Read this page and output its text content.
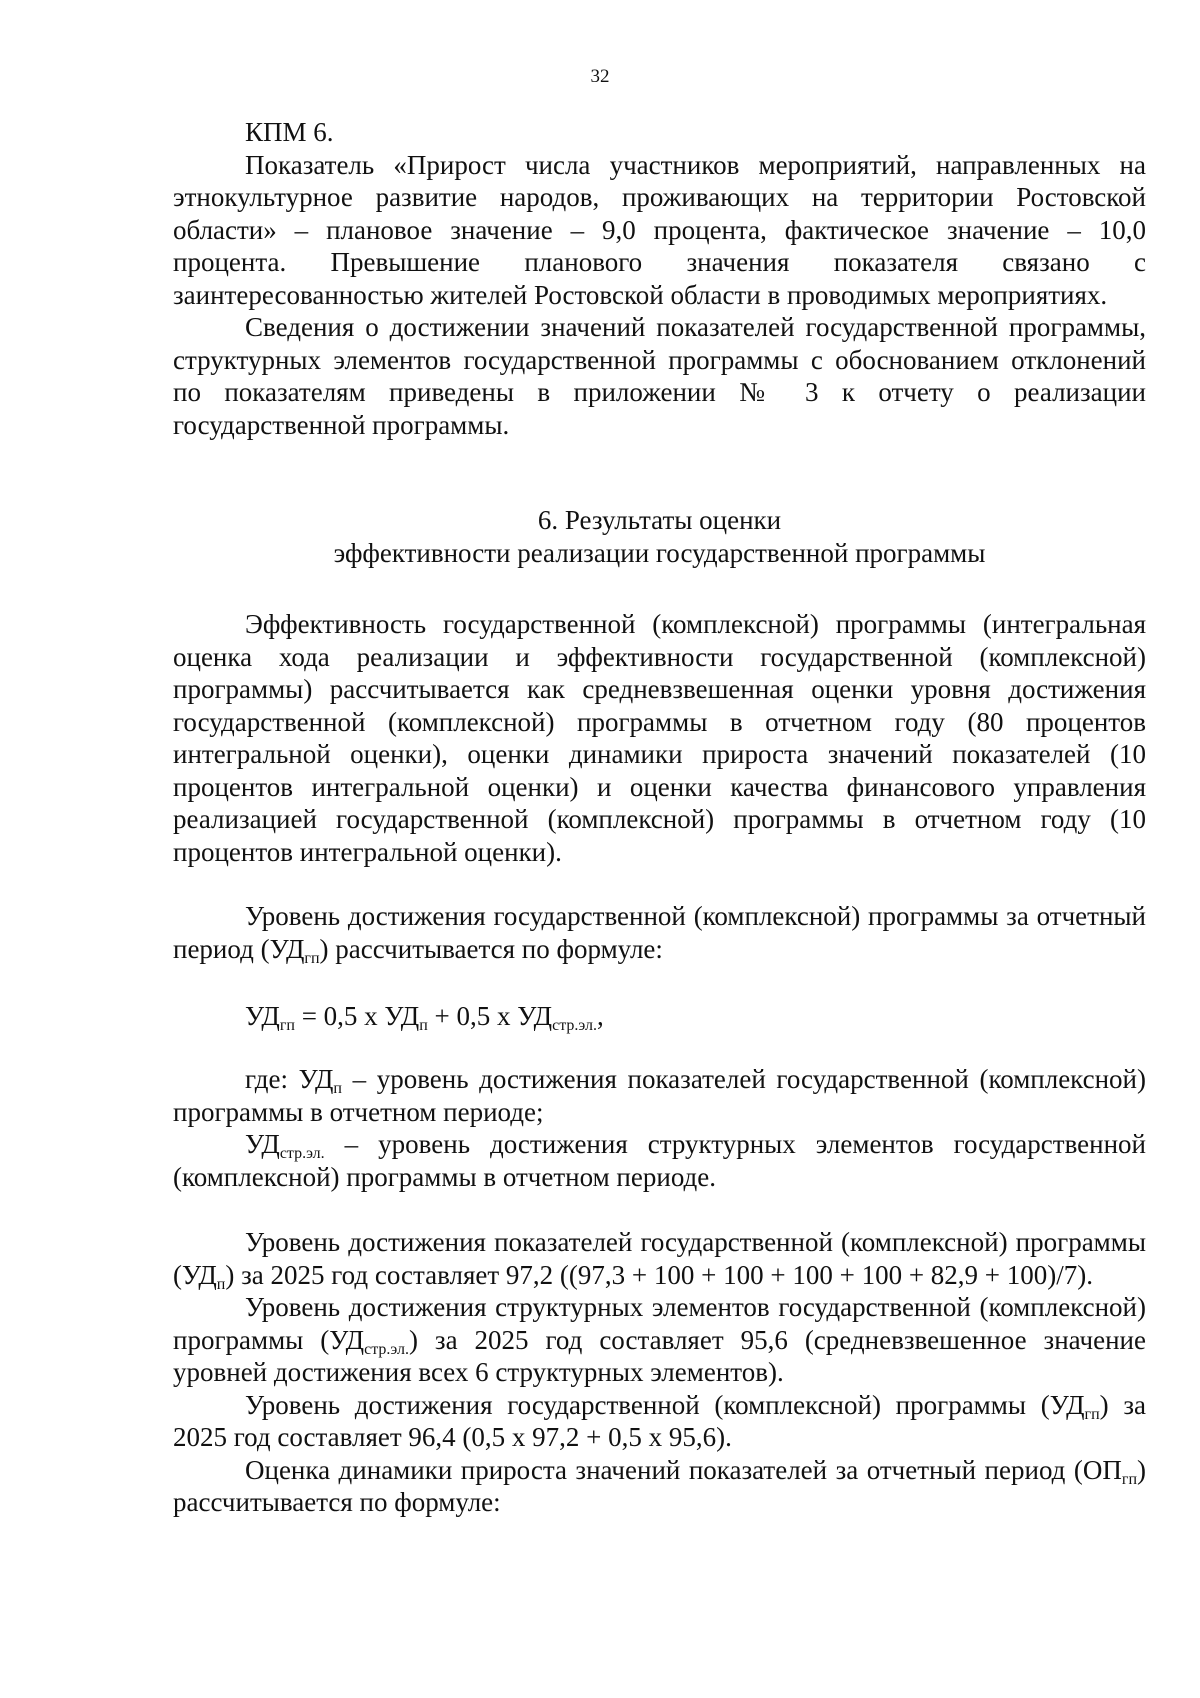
32

КПМ 6.

Показатель «Прирост числа участников мероприятий, направленных на этнокультурное развитие народов, проживающих на территории Ростовской области» – плановое значение – 9,0 процента, фактическое значение – 10,0 процента. Превышение планового значения показателя связано с заинтересованностью жителей Ростовской области в проводимых мероприятиях.

Сведения о достижении значений показателей государственной программы, структурных элементов государственной программы с обоснованием отклонений по показателям приведены в приложении № 3 к отчету о реализации государственной программы.

6. Результаты оценки
эффективности реализации государственной программы

Эффективность государственной (комплексной) программы (интегральная оценка хода реализации и эффективности государственной (комплексной) программы) рассчитывается как средневзвешенная оценки уровня достижения государственной (комплексной) программы в отчетном году (80 процентов интегральной оценки), оценки динамики прироста значений показателей (10 процентов интегральной оценки) и оценки качества финансового управления реализацией государственной (комплексной) программы в отчетном году (10 процентов интегральной оценки).

Уровень достижения государственной (комплексной) программы за отчетный период $(УД_{гп})$ рассчитывается по формуле:

$УД_{гп} = 0,5$ х $УД_п + 0,5$ х $УД_{стр.эл.}$,

где: $УД_п$ – уровень достижения показателей государственной (комплексной) программы в отчетном периоде;

$УД_{стр.эл.}$ – уровень достижения структурных элементов государственной (комплексной) программы в отчетном периоде.

Уровень достижения показателей государственной (комплексной) программы $(УД_п)$ за 2025 год составляет 97,2 ((97,3 + 100 + 100 + 100 + 100 + 82,9 + 100)/7).

Уровень достижения структурных элементов государственной (комплексной) программы $(УД_{стр.эл.})$ за 2025 год составляет 95,6 (средневзвешенное значение уровней достижения всех 6 структурных элементов).

Уровень достижения государственной (комплексной) программы $(УД_{гп})$ за 2025 год составляет 96,4 (0,5 х 97,2 + 0,5 х 95,6).

Оценка динамики прироста значений показателей за отчетный период $(ОП_{гп})$ рассчитывается по формуле:
